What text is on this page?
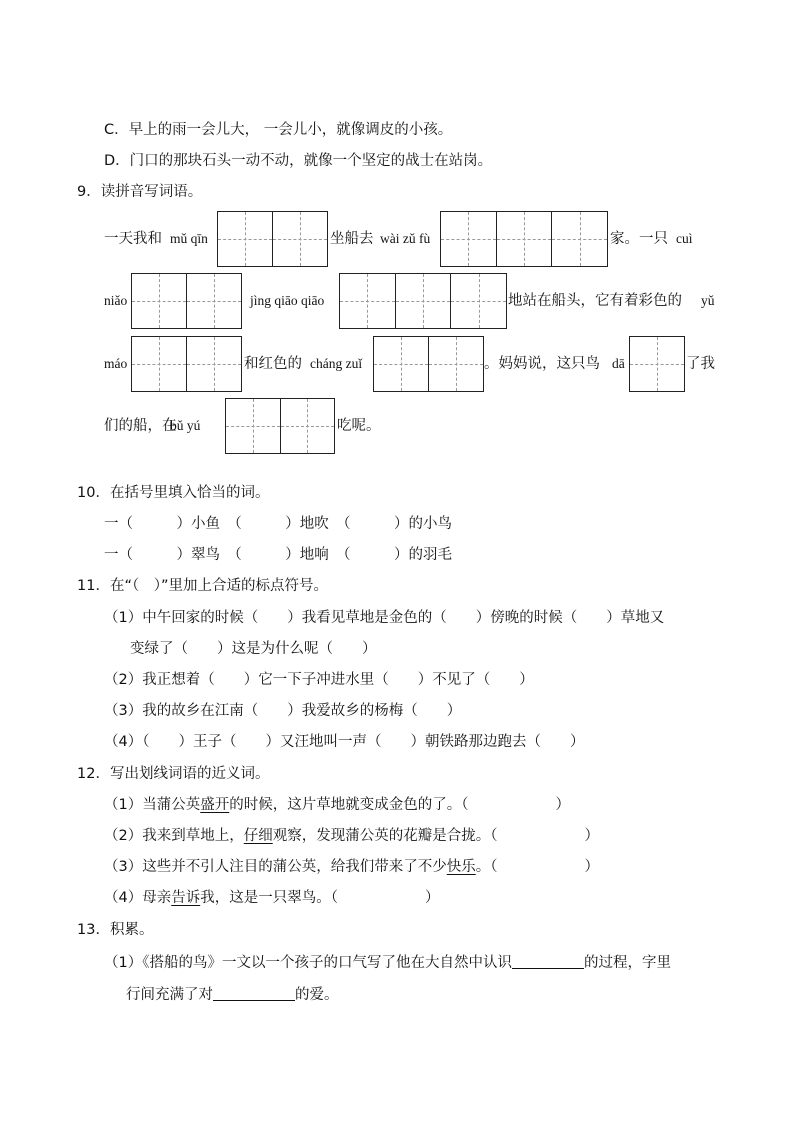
C．早上的雨一会儿大， 一会儿小，就像调皮的小孩。
D．门口的那块石头一动不动，就像一个坚定的战士在站岗。
9．读拼音写词语。
一天我和 mǔ qīn	坐船去 wài zǔ fù	家。一只 cuì
niǎo	jìng qiāo qiāo	地站在船头，它有着彩色的 yǔ
máo	和红色的 cháng zuǐ	。妈妈说，这只鸟 dā	了我
们的船，在
bǔ yú	吃呢。
10．在括号里填入恰当的词。
一（　　　）小鱼　（　　　）地吹　（　　　）的小鸟
一（　　　）翠鸟　（　　　）地响　（　　　）的羽毛
11．在“（　）”里加上合适的标点符号。
（1）中午回家的时候（　　）我看见草地是金色的（　　）傍晚的时候（　　）草地又
变绿了（　　）这是为什么呢（　　）
（2）我正想着（　　）它一下子冲进水里（　　）不见了（　　）
（3）我的故乡在江南（　　）我爱故乡的杨梅（　　）
（4）（　　）王子（　　）又汪地叫一声（　　）朝铁路那边跑去（　　）
12．写出划线词语的近义词。
（1）当蒲公英盛开的时候，这片草地就变成金色的了。（　　　　　　）
（2）我来到草地上，仔细观察，发现蒲公英的花瓣是合拢。（　　　　　　）
（3）这些并不引人注目的蒲公英，给我们带来了不少快乐。（　　　　　　）
（4）母亲告诉我，这是一只翠鸟。（　　　　　　）
13．积累。
（1）《搭船的鸟》一文以一个孩子的口气写了他在大自然中认识	的过程，字里
行间充满了对	的爱。
